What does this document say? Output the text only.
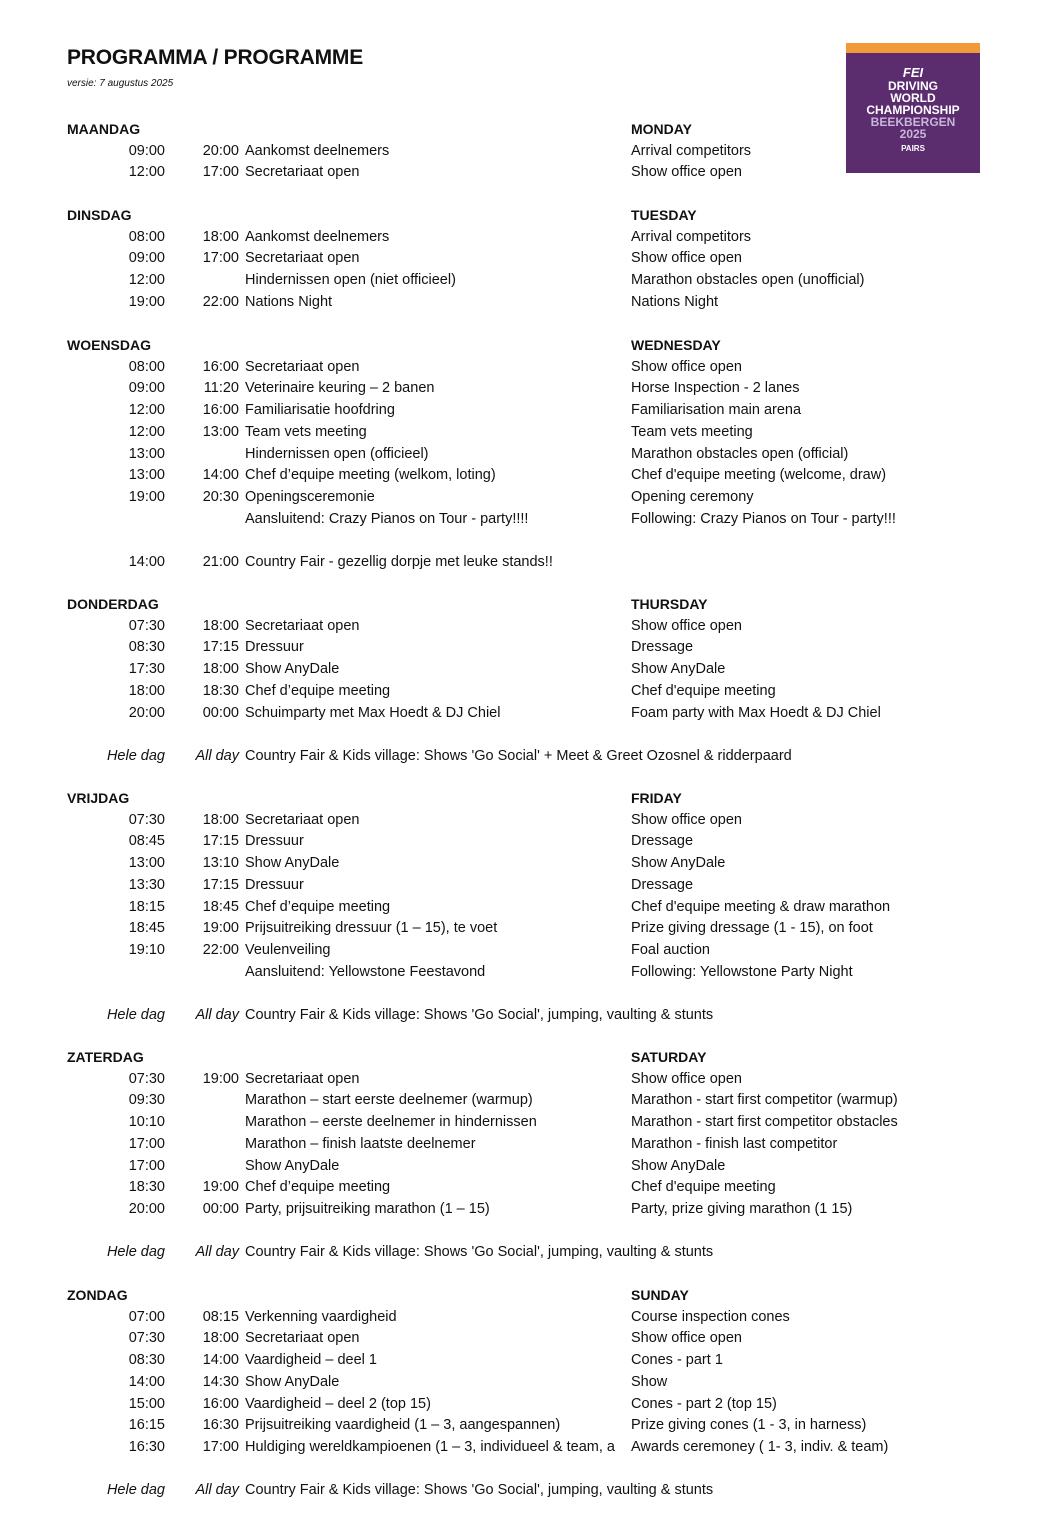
PROGRAMMA / PROGRAMME
versie: 7 augustus 2025
FEI
DRIVING
WORLD
CHAMPIONSHIP
BEEKBERGEN
2025
PAIRS
MAANDAG	MONDAY
09:00	20:00 Aankomst deelnemers	Arrival competitors
12:00	17:00 Secretariaat open	Show office open
DINSDAG	TUESDAY
08:00	18:00 Aankomst deelnemers	Arrival competitors
09:00	17:00 Secretariaat open	Show office open
12:00	Hindernissen open (niet officieel)	Marathon obstacles open (unofficial)
19:00	22:00 Nations Night	Nations Night
WOENSDAG	WEDNESDAY
08:00	16:00 Secretariaat open	Show office open
09:00	11:20 Veterinaire keuring – 2 banen	Horse Inspection - 2 lanes
12:00	16:00 Familiarisatie hoofdring	Familiarisation main arena
12:00	13:00 Team vets meeting	Team vets meeting
13:00	Hindernissen open (officieel)	Marathon obstacles open (official)
13:00	14:00 Chef d’equipe meeting (welkom, loting)	Chef d'equipe meeting (welcome, draw)
19:00	20:30 Openingsceremonie	Opening ceremony
Aansluitend: Crazy Pianos on Tour - party!!!!	Following: Crazy Pianos on Tour - party!!!
14:00	21:00 Country Fair - gezellig dorpje met leuke stands!!
DONDERDAG	THURSDAY
07:30	18:00 Secretariaat open	Show office open
08:30	17:15 Dressuur	Dressage
17:30	18:00 Show AnyDale	Show AnyDale
18:00	18:30 Chef d’equipe meeting	Chef d'equipe meeting
20:00	00:00 Schuimparty met Max Hoedt & DJ Chiel	Foam party with Max Hoedt & DJ Chiel
Hele dag All day Country Fair & Kids village: Shows 'Go Social' + Meet & Greet Ozosnel & ridderpaard
VRIJDAG	FRIDAY
07:30	18:00 Secretariaat open	Show office open
08:45	17:15 Dressuur	Dressage
13:00	13:10 Show AnyDale	Show AnyDale
13:30	17:15 Dressuur	Dressage
18:15	18:45 Chef d’equipe meeting	Chef d'equipe meeting & draw marathon
18:45	19:00 Prijsuitreiking dressuur (1 – 15), te voet	Prize giving dressage (1 - 15), on foot
19:10	22:00 Veulenveiling	Foal auction
Aansluitend: Yellowstone Feestavond	Following: Yellowstone Party Night
Hele dag All day Country Fair & Kids village: Shows 'Go Social', jumping, vaulting & stunts
ZATERDAG	SATURDAY
07:30	19:00 Secretariaat open	Show office open
09:30	Marathon – start eerste deelnemer (warmup)	Marathon - start first competitor (warmup)
10:10	Marathon – eerste deelnemer in hindernissen	Marathon - start first competitor obstacles
17:00	Marathon – finish laatste deelnemer	Marathon - finish last competitor
17:00	Show AnyDale	Show AnyDale
18:30	19:00 Chef d’equipe meeting	Chef d'equipe meeting
20:00	00:00 Party, prijsuitreiking marathon (1 – 15)	Party, prize giving marathon (1 15)
Hele dag All day Country Fair & Kids village: Shows 'Go Social', jumping, vaulting & stunts
ZONDAG	SUNDAY
07:00	08:15 Verkenning vaardigheid	Course inspection cones
07:30	18:00 Secretariaat open	Show office open
08:30	14:00 Vaardigheid – deel 1	Cones - part 1
14:00	14:30 Show AnyDale	Show
15:00	16:00 Vaardigheid – deel 2 (top 15)	Cones - part 2 (top 15)
16:15	16:30 Prijsuitreiking vaardigheid (1 – 3, aangespannen)	Prize giving cones (1 - 3, in harness)
16:30	17:00 Huldiging wereldkampioenen (1 – 3, individueel & team, a	Awards ceremoney ( 1- 3, indiv. & team)
Hele dag All day Country Fair & Kids village: Shows 'Go Social', jumping, vaulting & stunts
